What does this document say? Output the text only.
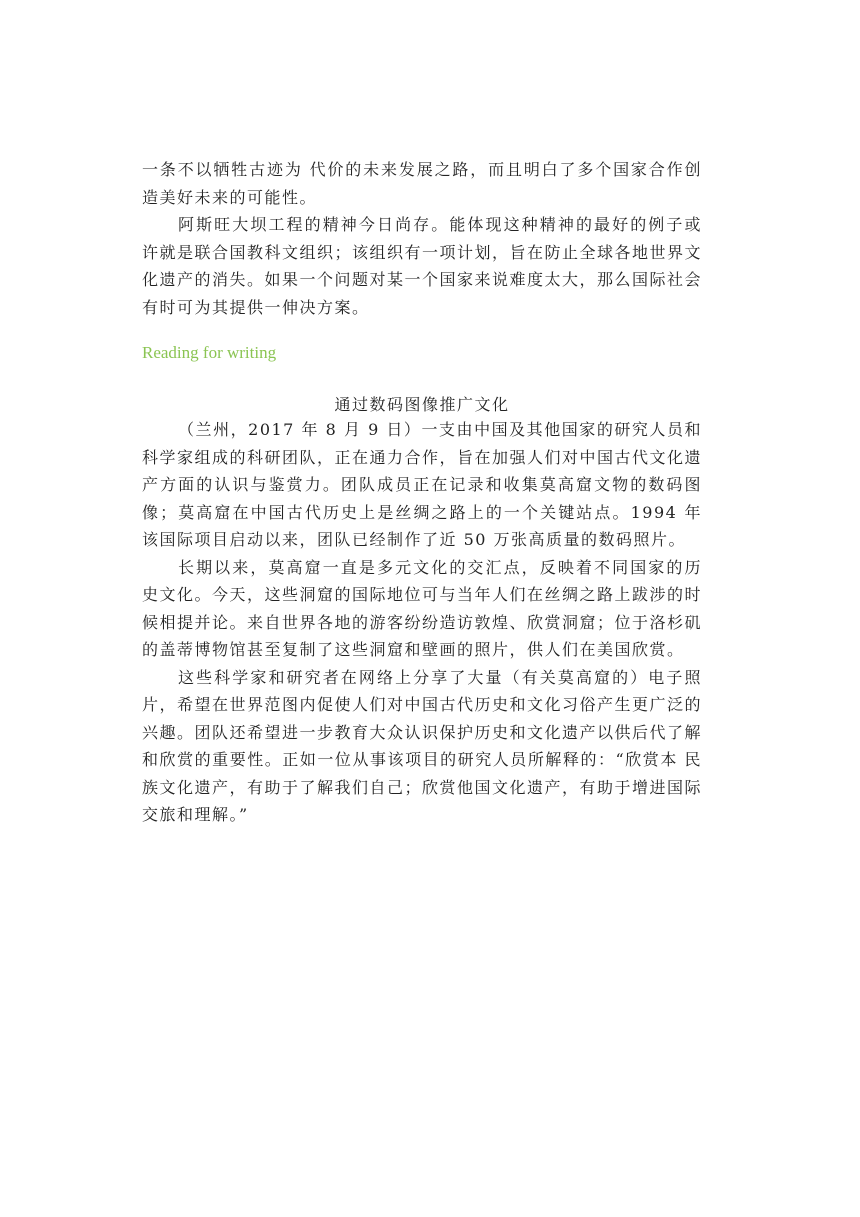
一条不以牺牲古迹为 代价的未来发展之路，而且明白了多个国家合作创造美好未来的可能性。

阿斯旺大坝工程的精神今日尚存。能体现这种精神的最好的例子或许就是联合国教科文组织；该组织有一项计划，旨在防止全球各地世界文化遗产的消失。如果一个问题对某一个国家来说难度太大，那么国际社会有时可为其提供一伸决方案。

Reading for writing
通过数码图像推广文化

（兰州，2017 年 8 月 9 日）一支由中国及其他国家的研究人员和科学家组成的科研团队，正在通力合作，旨在加强人们对中国古代文化遗产方面的认识与鉴赏力。团队成员正在记录和收集莫高窟文物的数码图像；莫高窟在中国古代历史上是丝绸之路上的一个关键站点。1994 年该国际项目启动以来，团队已经制作了近 50 万张高质量的数码照片。

长期以来，莫高窟一直是多元文化的交汇点，反映着不同国家的历史文化。今天，这些洞窟的国际地位可与当年人们在丝绸之路上跋涉的时候相提并论。来自世界各地的游客纷纷造访敦煌、欣赏洞窟；位于洛杉矶的盖蒂博物馆甚至复制了这些洞窟和壁画的照片，供人们在美国欣赏。

这些科学家和研究者在网络上分享了大量（有关莫高窟的）电子照片，希望在世界范图内促使人们对中国古代历史和文化习俗产生更广泛的兴趣。团队还希望进一步教育大众认识保护历史和文化遗产以供后代了解和欣赏的重要性。正如一位从事该项目的研究人员所解释的：“欣赏本 民族文化遗产，有助于了解我们自己；欣赏他国文化遗产，有助于增进国际交旅和理解。”
